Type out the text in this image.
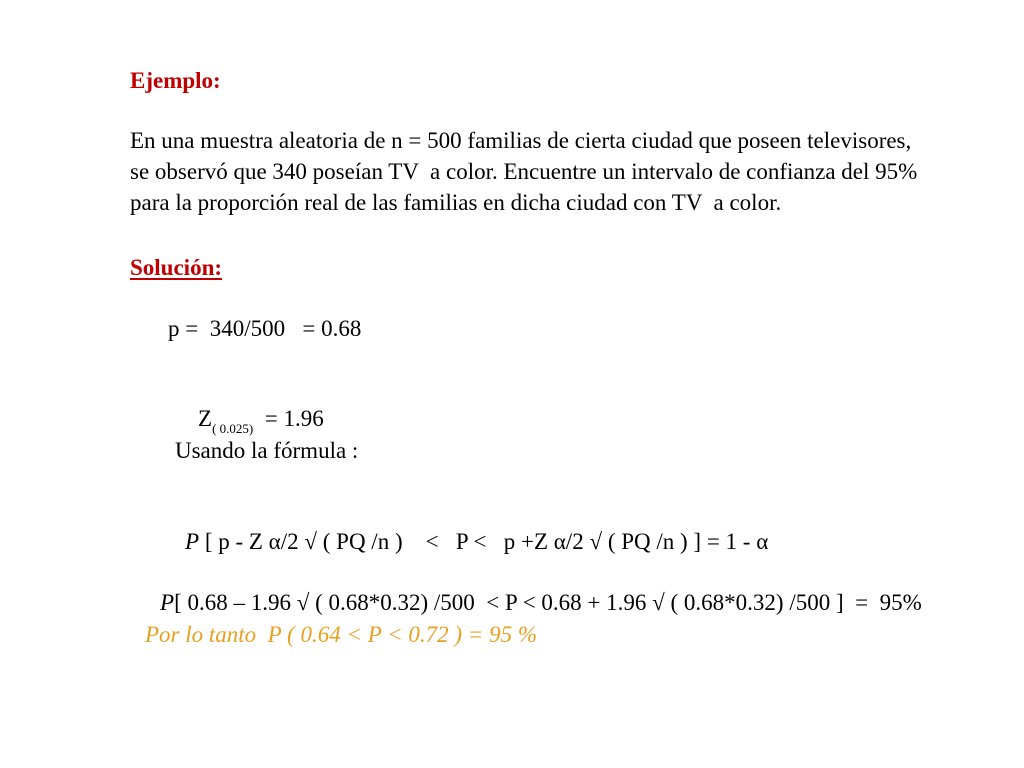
Ejemplo:
En una muestra aleatoria de n = 500 familias de cierta ciudad que poseen televisores,
se observó que 340 poseían TV  a color. Encuentre un intervalo de confianza del 95%
para la proporción real de las familias en dicha ciudad con TV  a color.
Solución:
p =  340/500   = 0.68

$Z_{( 0.025)} = 1.96$

Usando la fórmula :

P [ p - Z α/2 √ ( PQ /n )    <   P <   p +Z α/2 √ ( PQ /n ) ] = 1 - α

P[ 0.68 – 1.96 √ ( 0.68*0.32) /500  < P < 0.68 + 1.96 √ ( 0.68*0.32) /500 ]  =  95%

Por lo tanto  P ( 0.64 < P < 0.72 ) = 95 %
